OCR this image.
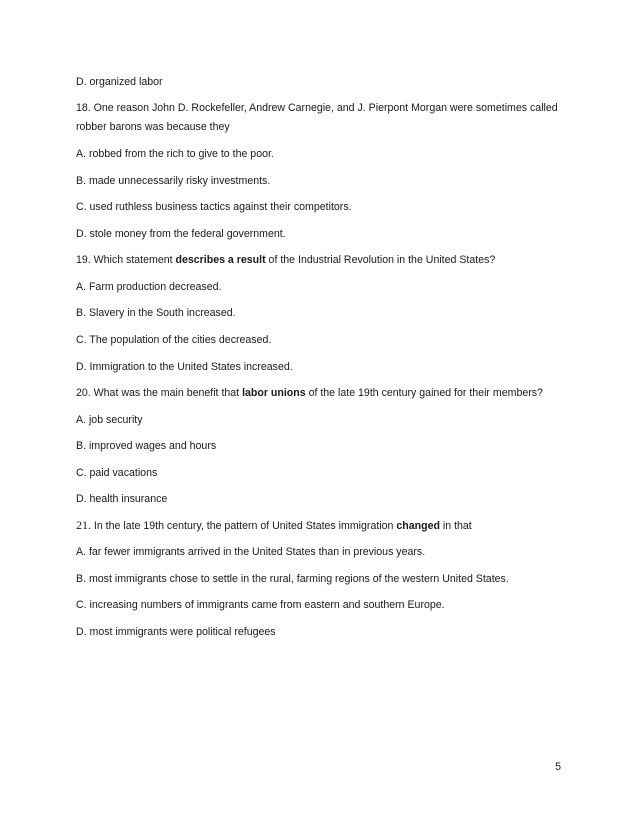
D. organized labor
18. One reason John D. Rockefeller, Andrew Carnegie, and J. Pierpont Morgan were sometimes called
robber barons was because they
A. robbed from the rich to give to the poor.
B. made unnecessarily risky investments.
C. used ruthless business tactics against their competitors.
D. stole money from the federal government.
19. Which statement describes a result of the Industrial Revolution in the United States?
A. Farm production decreased.
B. Slavery in the South increased.
C. The population of the cities decreased.
D. Immigration to the United States increased.
20. What was the main benefit that labor unions of the late 19th century gained for their members?
A. job security
B. improved wages and hours
C. paid vacations
D. health insurance
21. In the late 19th century, the pattern of United States immigration changed in that
A. far fewer immigrants arrived in the United States than in previous years.
B. most immigrants chose to settle in the rural, farming regions of the western United States.
C. increasing numbers of immigrants came from eastern and southern Europe.
D. most immigrants were political refugees
5
